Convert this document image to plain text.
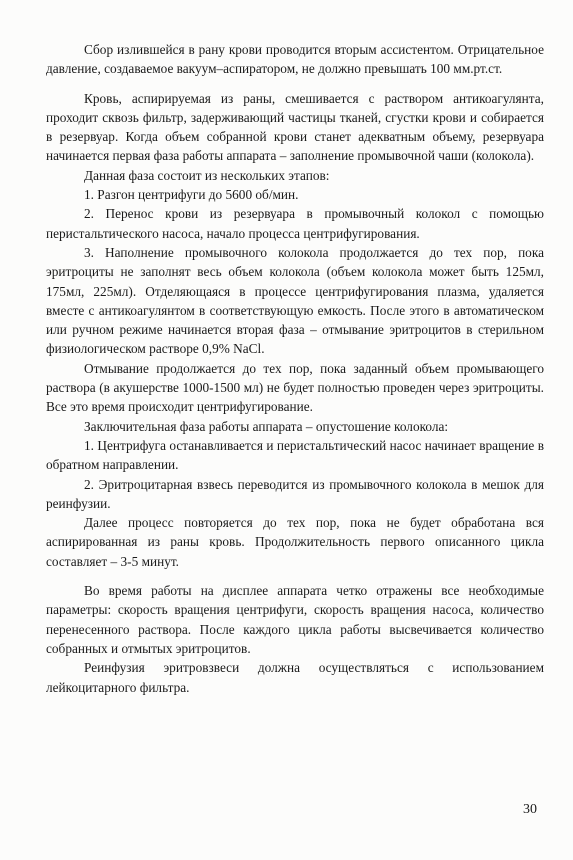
Сбор излившейся в рану крови проводится вторым ассистентом. Отрицательное давление, создаваемое вакуум–аспиратором, не должно превышать 100 мм.рт.ст.

Кровь, аспирируемая из раны, смешивается с раствором антикоагулянта, проходит сквозь фильтр, задерживающий частицы тканей, сгустки крови и собирается в резервуар. Когда объем собранной крови станет адекватным объему, резервуара начинается первая фаза работы аппарата – заполнение промывочной чаши (колокола).

Данная фаза состоит из нескольких этапов:

1. Разгон центрифуги до 5600 об/мин.

2. Перенос крови из резервуара в промывочный колокол с помощью перистальтического насоса, начало процесса центрифугирования.

3. Наполнение промывочного колокола продолжается до тех пор, пока эритроциты не заполнят весь объем колокола (объем колокола может быть 125мл, 175мл, 225мл). Отделяющаяся в процессе центрифугирования плазма, удаляется вместе с антикоагулянтом в соответствующую емкость. После этого в автоматическом или ручном режиме начинается вторая фаза – отмывание эритроцитов в стерильном физиологическом растворе 0,9% NaCl.

Отмывание продолжается до тех пор, пока заданный объем промывающего раствора (в акушерстве 1000-1500 мл) не будет полностью проведен через эритроциты. Все это время происходит центрифугирование.

Заключительная фаза работы аппарата – опустошение колокола:

1. Центрифуга останавливается и перистальтический насос начинает вращение в обратном направлении.

2. Эритроцитарная взвесь переводится из промывочного колокола в мешок для реинфузии.

Далее процесс повторяется до тех пор, пока не будет обработана вся аспирированная из раны кровь. Продолжительность первого описанного цикла составляет – 3-5 минут.

Во время работы на дисплее аппарата четко отражены все необходимые параметры: скорость вращения центрифуги, скорость вращения насоса, количество перенесенного раствора. После каждого цикла работы высвечивается количество собранных и отмытых эритроцитов.

Реинфузия эритровзвеси должна осуществляться с использованием лейкоцитарного фильтра.

30
